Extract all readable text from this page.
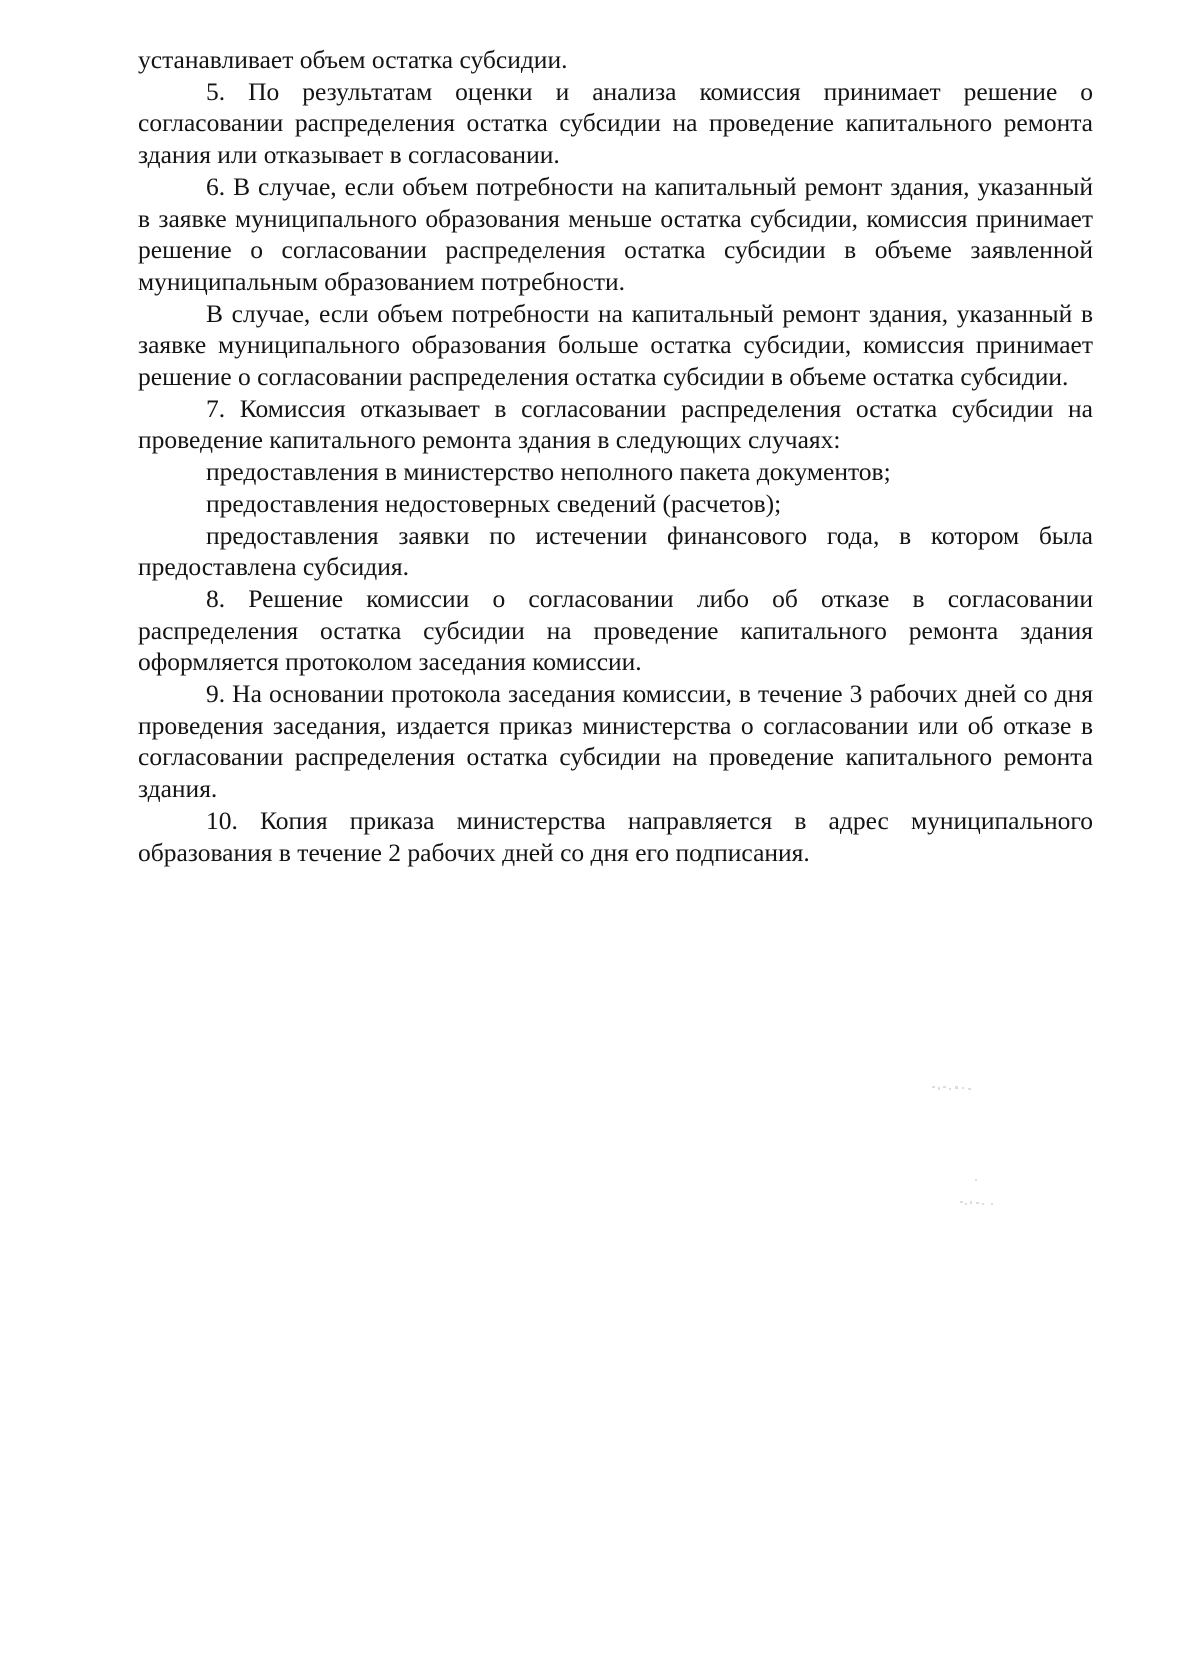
устанавливает объем остатка субсидии.

5. По результатам оценки и анализа комиссия принимает решение о согласовании распределения остатка субсидии на проведение капитального ремонта здания или отказывает в согласовании.

6. В случае, если объем потребности на капитальный ремонт здания, указанный в заявке муниципального образования меньше остатка субсидии, комиссия принимает решение о согласовании распределения остатка субсидии в объеме заявленной муниципальным образованием потребности.

В случае, если объем потребности на капитальный ремонт здания, указанный в заявке муниципального образования больше остатка субсидии, комиссия принимает решение о согласовании распределения остатка субсидии в объеме остатка субсидии.

7. Комиссия отказывает в согласовании распределения остатка субсидии на проведение капитального ремонта здания в следующих случаях:

предоставления в министерство неполного пакета документов;

предоставления недостоверных сведений (расчетов);

предоставления заявки по истечении финансового года, в котором была предоставлена субсидия.

8. Решение комиссии о согласовании либо об отказе в согласовании распределения остатка субсидии на проведение капитального ремонта здания оформляется протоколом заседания комиссии.

9. На основании протокола заседания комиссии, в течение 3 рабочих дней со дня проведения заседания, издается приказ министерства о согласовании или об отказе в согласовании распределения остатка субсидии на проведение капитального ремонта здания.

10. Копия приказа министерства направляется в адрес муниципального образования в течение 2 рабочих дней со дня его подписания.
